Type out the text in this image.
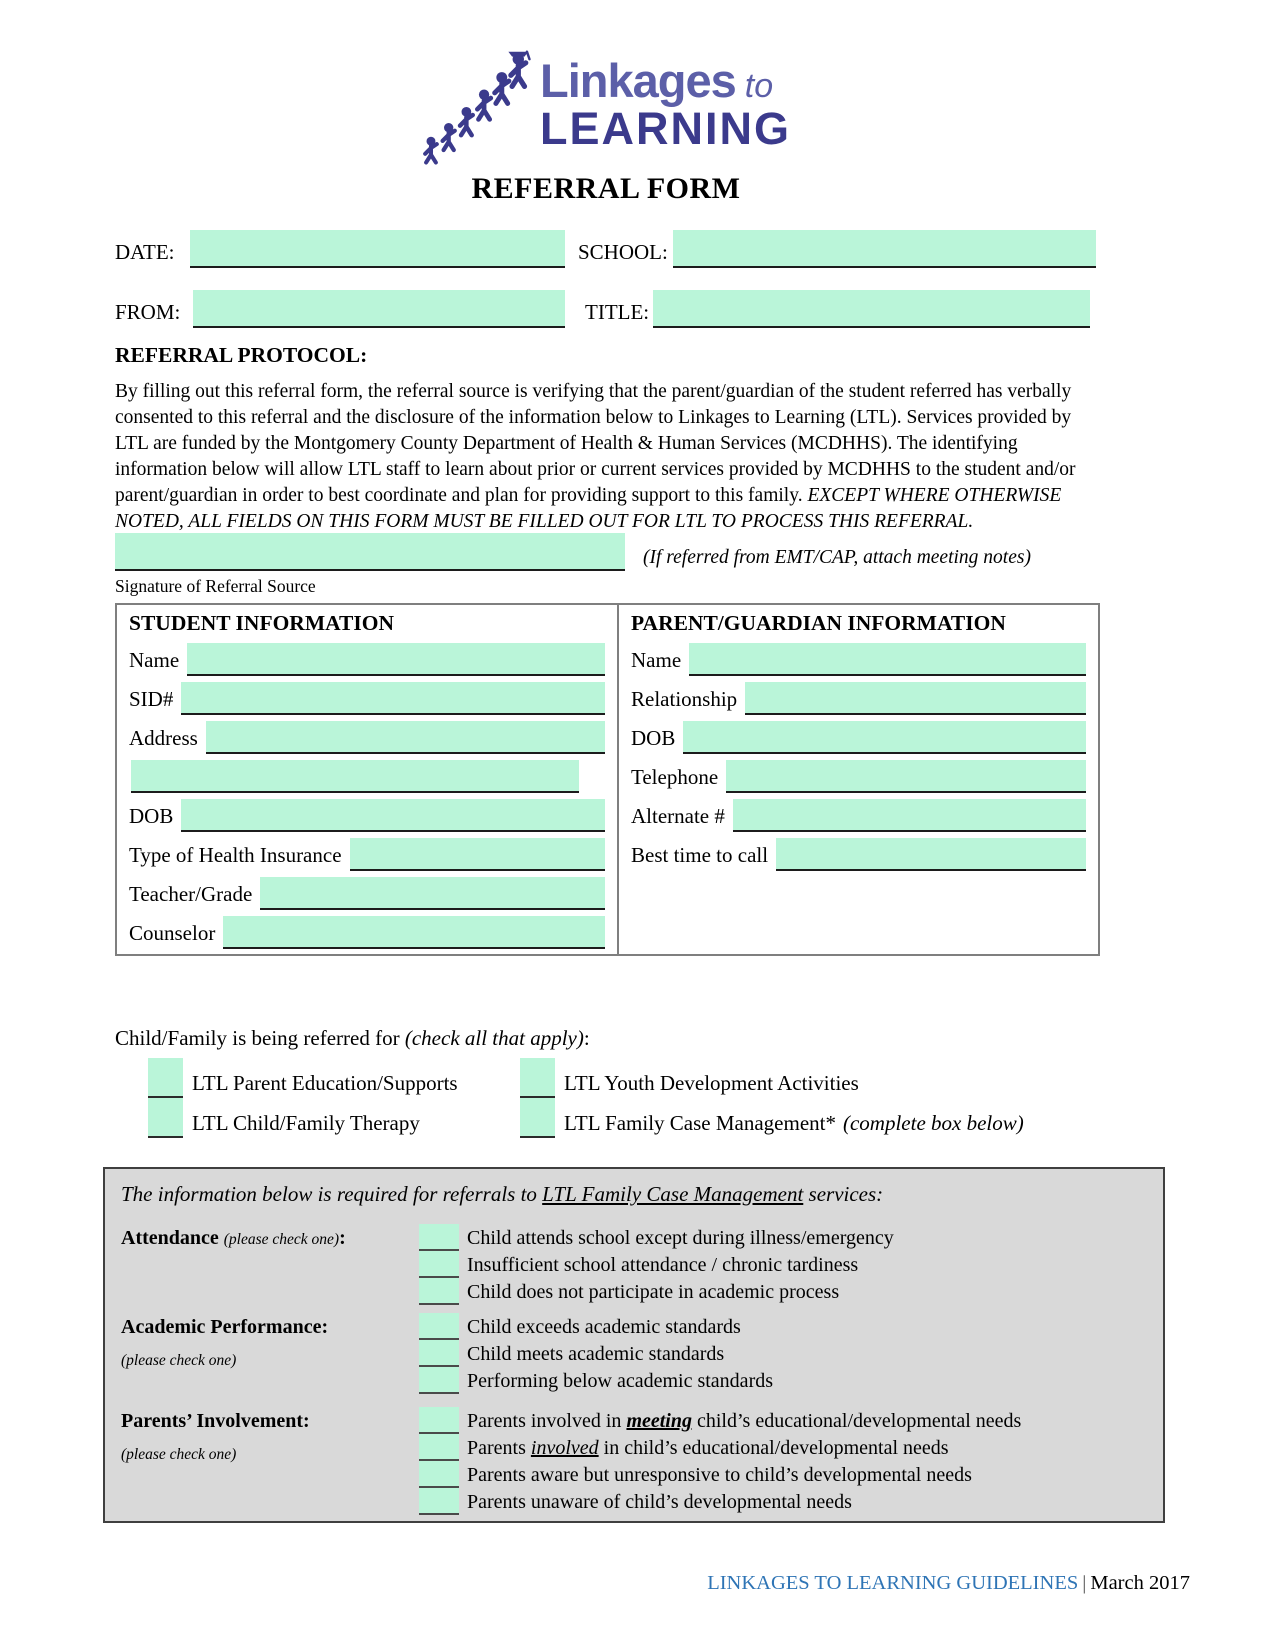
Linkages to
LEARNING
REFERRAL FORM
DATE:	SCHOOL:
FROM:	TITLE:
REFERRAL PROTOCOL:

By filling out this referral form, the referral source is verifying that the parent/guardian of the student referred has verbally consented to this referral and the disclosure of the information below to Linkages to Learning (LTL). Services provided by LTL are funded by the Montgomery County Department of Health & Human Services (MCDHHS). The identifying information below will allow LTL staff to learn about prior or current services provided by MCDHHS to the student and/or parent/guardian in order to best coordinate and plan for providing support to this family. EXCEPT WHERE OTHERWISE NOTED, ALL FIELDS ON THIS FORM MUST BE FILLED OUT FOR LTL TO PROCESS THIS REFERRAL.

(If referred from EMT/CAP, attach meeting notes)
Signature of Referral Source
STUDENT INFORMATION
Name
SID#
Address
DOB
Type of Health Insurance
Teacher/Grade
Counselor
PARENT/GUARDIAN INFORMATION
Name
Relationship
DOB
Telephone
Alternate #
Best time to call
Child/Family is being referred for (check all that apply):
LTL Parent Education/Supports	LTL Youth Development Activities
LTL Child/Family Therapy	LTL Family Case Management* (complete box below)
The information below is required for referrals to LTL Family Case Management services:
Attendance (please check one):	Child attends school except during illness/emergency
Insufficient school attendance / chronic tardiness
Child does not participate in academic process
Academic Performance:
(please check one)
Child exceeds academic standards
Child meets academic standards
Performing below academic standards
Parents’ Involvement:
(please check one)
Parents involved in meeting child’s educational/developmental needs
Parents involved in child’s educational/developmental needs
Parents aware but unresponsive to child’s developmental needs
Parents unaware of child’s developmental needs
LINKAGES TO LEARNING GUIDELINES | March 2017
